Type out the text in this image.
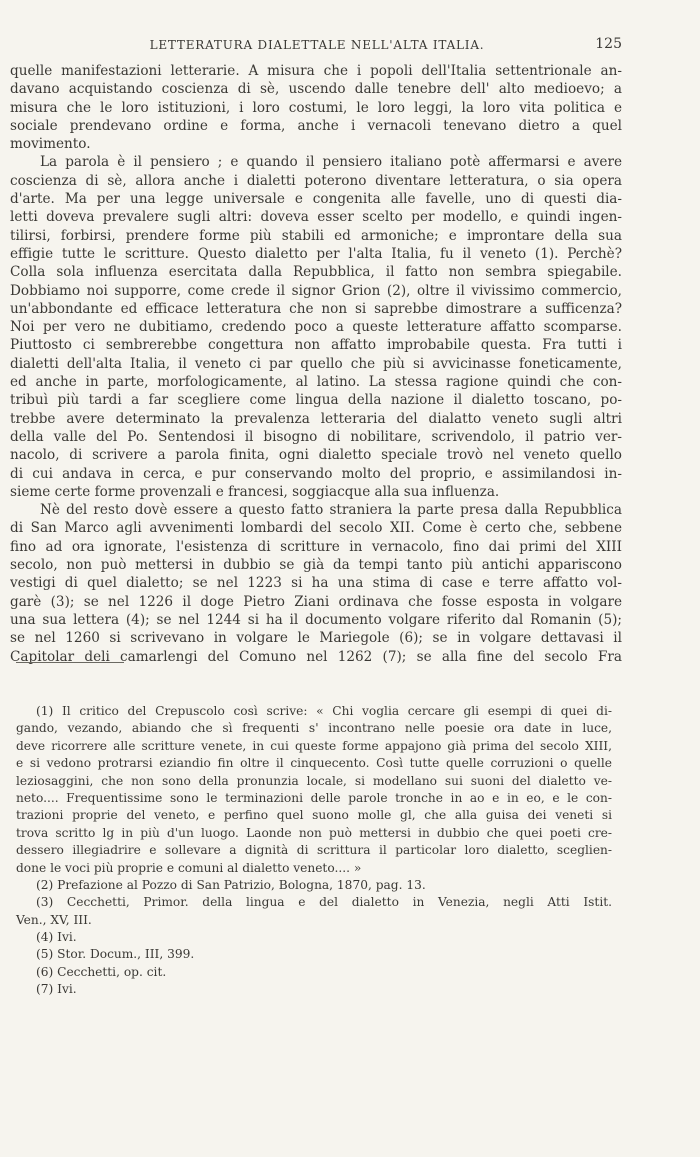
LETTERATURA DIALETTALE NELL'ALTA ITALIA.	125
quelle manifestazioni letterarie. A misura che i popoli dell'Italia settentrionale an-
davano acquistando coscienza di sè, uscendo dalle tenebre dell' alto medioevo; a
misura che le loro istituzioni, i loro costumi, le loro leggi, la loro vita politica e
sociale prendevano ordine e forma, anche i vernacoli tenevano dietro a quel
movimento.
La parola è il pensiero ; e quando il pensiero italiano potè affermarsi e avere
coscienza di sè, allora anche i dialetti poterono diventare letteratura, o sia opera
d'arte. Ma per una legge universale e congenita alle favelle, uno di questi dia-
letti doveva prevalere sugli altri: doveva esser scelto per modello, e quindi ingen-
tilirsi, forbirsi, prendere forme più stabili ed armoniche; e improntare della sua
effigie tutte le scritture. Questo dialetto per l'alta Italia, fu il veneto (1). Perchè?
Colla sola influenza esercitata dalla Repubblica, il fatto non sembra spiegabile.
Dobbiamo noi supporre, come crede il signor Grion (2), oltre il vivissimo commercio,
un'abbondante ed efficace letteratura che non si saprebbe dimostrare a sufficenza?
Noi per vero ne dubitiamo, credendo poco a queste letterature affatto scomparse.
Piuttosto ci sembrerebbe congettura non affatto improbabile questa. Fra tutti i
dialetti dell'alta Italia, il veneto ci par quello che più si avvicinasse foneticamente,
ed anche in parte, morfologicamente, al latino. La stessa ragione quindi che con-
tribuì più tardi a far scegliere come lingua della nazione il dialetto toscano, po-
trebbe avere determinato la prevalenza letteraria del dialatto veneto sugli altri
della valle del Po. Sentendosi il bisogno di nobilitare, scrivendolo, il patrio ver-
nacolo, di scrivere a parola finita, ogni dialetto speciale trovò nel veneto quello
di cui andava in cerca, e pur conservando molto del proprio, e assimilandosi in-
sieme certe forme provenzali e francesi, soggiacque alla sua influenza.
Nè del resto dovè essere a questo fatto straniera la parte presa dalla Repubblica
di San Marco agli avvenimenti lombardi del secolo XII. Come è certo che, sebbene
fino ad ora ignorate, l'esistenza di scritture in vernacolo, fino dai primi del XIII
secolo, non può mettersi in dubbio se già da tempi tanto più antichi appariscono
vestigi di quel dialetto; se nel 1223 si ha una stima di case e terre affatto vol-
garè (3); se nel 1226 il doge Pietro Ziani ordinava che fosse esposta in volgare
una sua lettera (4); se nel 1244 si ha il documento volgare riferito dal Romanin (5);
se nel 1260 si scrivevano in volgare le Mariegole (6); se in volgare dettavasi il
Capitolar deli camarlengi del Comuno nel 1262 (7); se alla fine del secolo Fra
(1) Il critico del Crepuscolo così scrive: « Chi voglia cercare gli esempi di quei di-
gando, vezando, abiando che sì frequenti s' incontrano nelle poesie ora date in luce,
deve ricorrere alle scritture venete, in cui queste forme appajono già prima del secolo XIII,
e si vedono protrarsi eziandio fin oltre il cinquecento. Così tutte quelle corruzioni o quelle
leziosaggini, che non sono della pronunzia locale, si modellano sui suoni del dialetto ve-
neto.... Frequentissime sono le terminazioni delle parole tronche in ao e in eo, e le con-
trazioni proprie del veneto, e perfino quel suono molle gl, che alla guisa dei veneti si
trova scritto lg in più d'un luogo. Laonde non può mettersi in dubbio che quei poeti cre-
dessero illegiadrire e sollevare a dignità di scrittura il particolar loro dialetto, sceglien-
done le voci più proprie e comuni al dialetto veneto.... »
(2) Prefazione al Pozzo di San Patrizio, Bologna, 1870, pag. 13.
(3) Cecchetti, Primor. della lingua e del dialetto in Venezia, negli Atti Istit.
Ven., XV, III.
(4) Ivi.
(5) Stor. Docum., III, 399.
(6) Cecchetti, op. cit.
(7) Ivi.
